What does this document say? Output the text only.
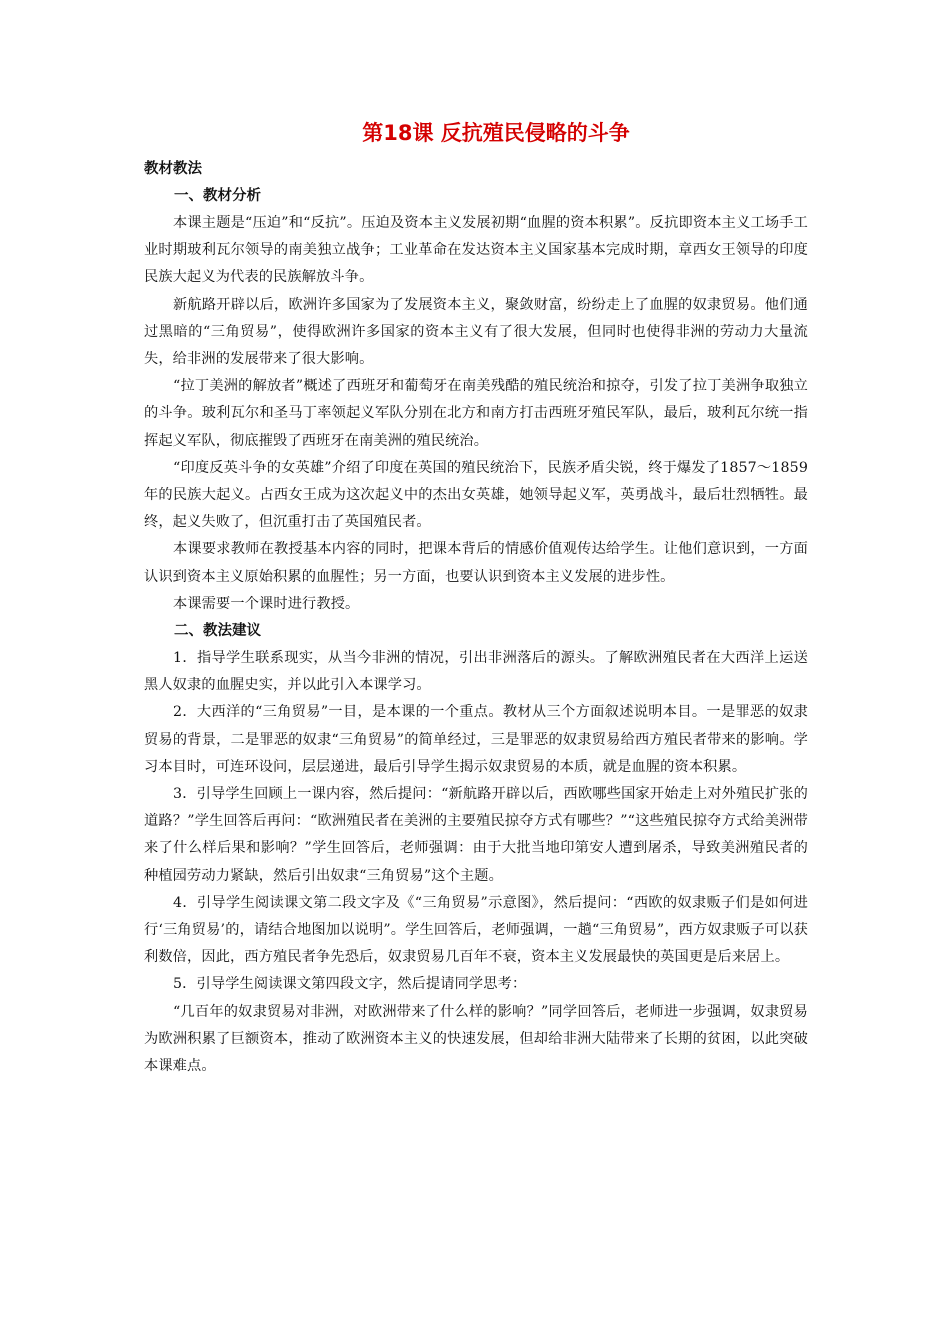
第18课 反抗殖民侵略的斗争
教材教法
一、教材分析

本课主题是“压迫”和“反抗”。压迫及资本主义发展初期“血腥的资本积累”。反抗即资本主义工场手工业时期玻利瓦尔领导的南美独立战争；工业革命在发达资本主义国家基本完成时期，章西女王领导的印度民族大起义为代表的民族解放斗争。

新航路开辟以后，欧洲许多国家为了发展资本主义，聚敛财富，纷纷走上了血腥的奴隶贸易。他们通过黑暗的“三角贸易”，使得欧洲许多国家的资本主义有了很大发展，但同时也使得非洲的劳动力大量流失，给非洲的发展带来了很大影响。

“拉丁美洲的解放者”概述了西班牙和葡萄牙在南美残酷的殖民统治和掠夺，引发了拉丁美洲争取独立的斗争。玻利瓦尔和圣马丁率领起义军队分别在北方和南方打击西班牙殖民军队，最后，玻利瓦尔统一指挥起义军队，彻底摧毁了西班牙在南美洲的殖民统治。

“印度反英斗争的女英雄”介绍了印度在英国的殖民统治下，民族矛盾尖锐，终于爆发了1857～1859年的民族大起义。占西女王成为这次起义中的杰出女英雄，她领导起义军，英勇战斗，最后壮烈牺牲。最终，起义失败了，但沉重打击了英国殖民者。

本课要求教师在教授基本内容的同时，把课本背后的情感价值观传达给学生。让他们意识到，一方面认识到资本主义原始积累的血腥性；另一方面，也要认识到资本主义发展的进步性。

本课需要一个课时进行教授。

二、教法建议

1．指导学生联系现实，从当今非洲的情况，引出非洲落后的源头。了解欧洲殖民者在大西洋上运送黑人奴隶的血腥史实，并以此引入本课学习。

2．大西洋的“三角贸易”一目，是本课的一个重点。教材从三个方面叙述说明本目。一是罪恶的奴隶贸易的背景，二是罪恶的奴隶“三角贸易”的简单经过，三是罪恶的奴隶贸易给西方殖民者带来的影响。学习本目时，可连环设问，层层递进，最后引导学生揭示奴隶贸易的本质，就是血腥的资本积累。

3．引导学生回顾上一课内容，然后提问：“新航路开辟以后，西欧哪些国家开始走上对外殖民扩张的道路？”学生回答后再问：“欧洲殖民者在美洲的主要殖民掠夺方式有哪些？”“这些殖民掠夺方式给美洲带来了什么样后果和影响？”学生回答后，老师强调：由于大批当地印第安人遭到屠杀，导致美洲殖民者的种植园劳动力紧缺，然后引出奴隶“三角贸易”这个主题。

4．引导学生阅读课文第二段文字及《“三角贸易”示意图》，然后提问：“西欧的奴隶贩子们是如何进行‘三角贸易’的，请结合地图加以说明”。学生回答后，老师强调，一趟“三角贸易”，西方奴隶贩子可以获利数倍，因此，西方殖民者争先恐后，奴隶贸易几百年不衰，资本主义发展最快的英国更是后来居上。

5．引导学生阅读课文第四段文字，然后提请同学思考：

“几百年的奴隶贸易对非洲，对欧洲带来了什么样的影响？”同学回答后，老师进一步强调，奴隶贸易为欧洲积累了巨额资本，推动了欧洲资本主义的快速发展，但却给非洲大陆带来了长期的贫困，以此突破本课难点。
